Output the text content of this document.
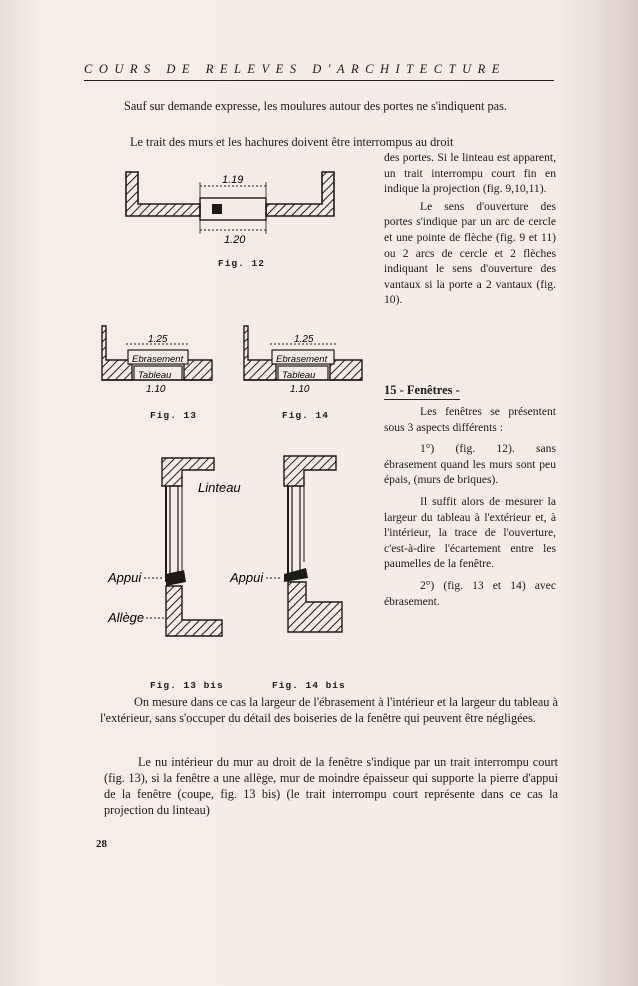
COURS DE RELEVES D'ARCHITECTURE

Sauf sur demande expresse, les moulures autour des portes ne s'indiquent pas.

Le trait des murs et les hachures doivent être interrompus au droit

des portes. Si le linteau est apparent, un trait interrompu court fin en indique la projection (fig. 9,10,11).

Le sens d'ouverture des portes s'indique par un arc de cercle et une pointe de flèche (fig. 9 et 11) ou 2 arcs de cercle et 2 flèches indiquant le sens d'ouverture des vantaux si la porte a 2 vantaux (fig. 10).

15 - Fenêtres -

Les fenêtres se présentent sous 3 aspects différents :

1°) (fig. 12). sans ébrasement quand les murs sont peu épais, (murs de briques).

Il suffit alors de mesurer la largeur du tableau à l'extérieur et, à l'intérieur, la trace de l'ouverture, c'est-à-dire l'écartement entre les paumelles de la fenêtre.

2°) (fig. 13 et 14) avec ébrasement.

1.19
1.20
Fig. 12
1.25
Ebrasement
Tableau
1.10
Fig. 13
1.25
Ebrasement
Tableau
1.10
Fig. 14
Linteau
Appui
Allège
Fig. 13 bis
Appui
Fig. 14 bis

On mesure dans ce cas la largeur de l'ébrasement à l'intérieur et la largeur du tableau à l'extérieur, sans s'occuper du détail des boiseries de la fenêtre qui peuvent être négligées.

Le nu intérieur du mur au droit de la fenêtre s'indique par un trait interrompu court (fig. 13), si la fenêtre a une allège, mur de moindre épaisseur qui supporte la pierre d'appui de la fenêtre (coupe, fig. 13 bis) (le trait interrompu court représente dans ce cas la projection du linteau)

28
